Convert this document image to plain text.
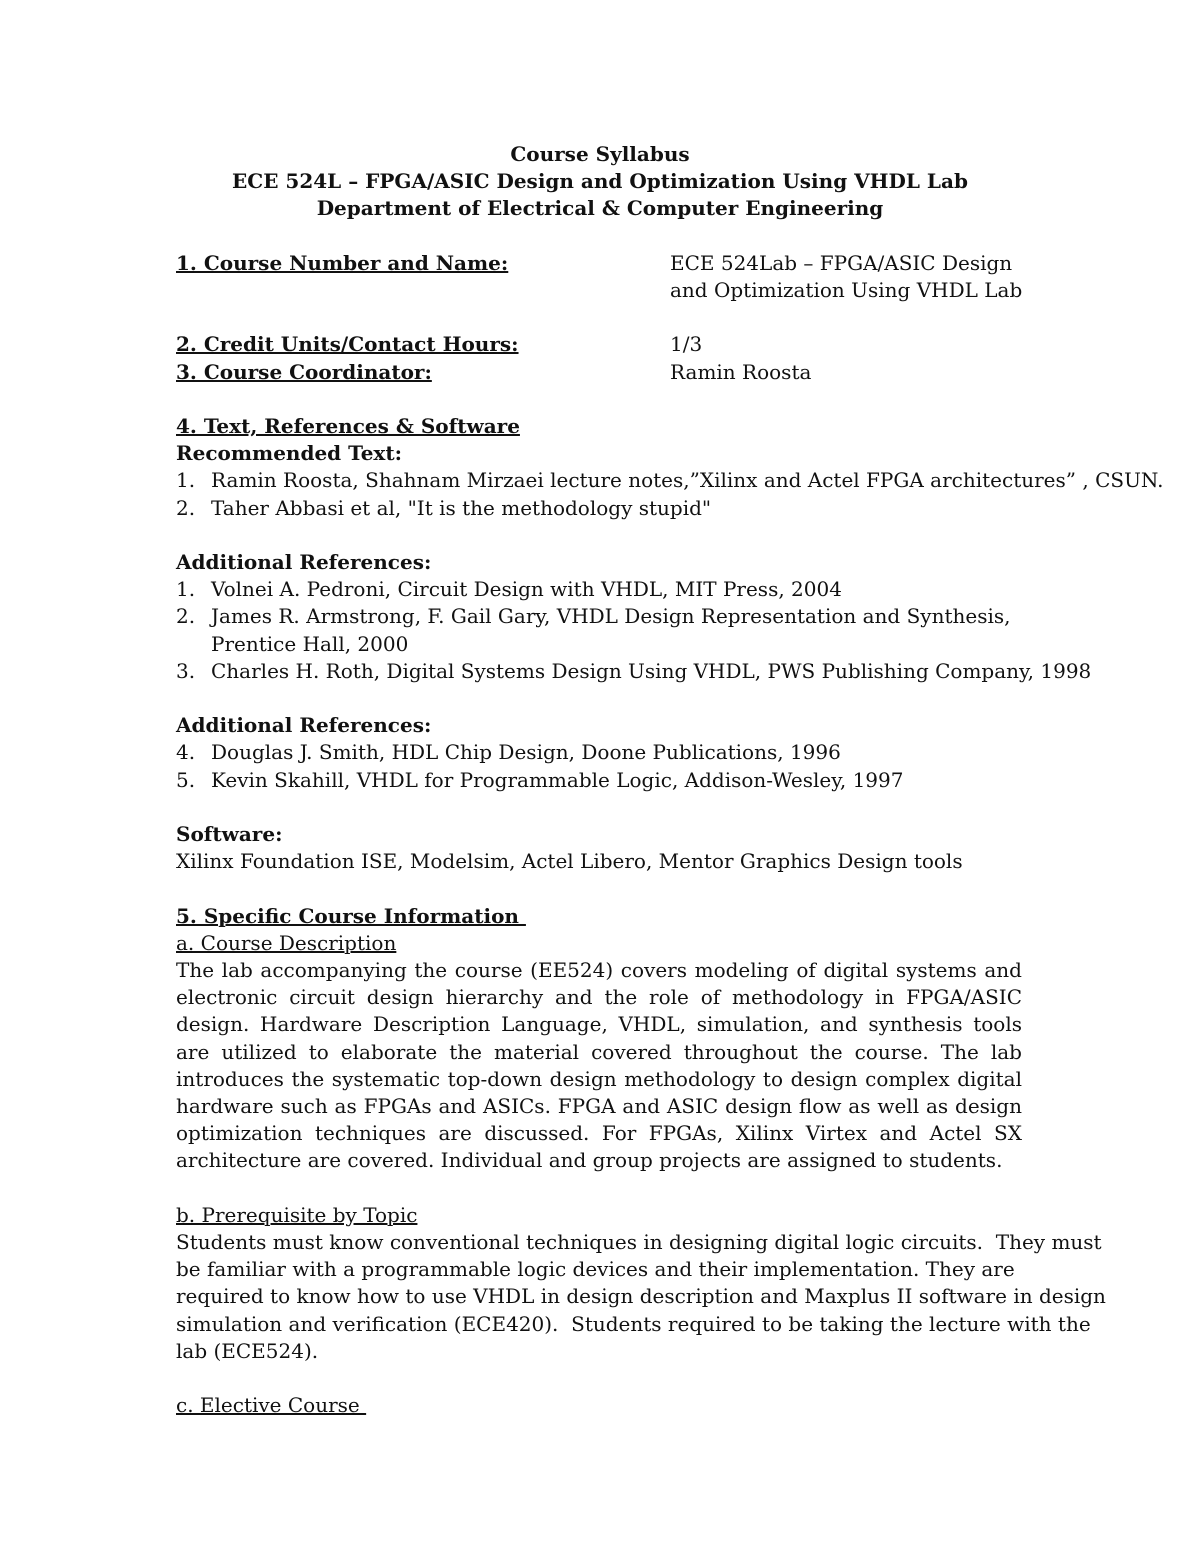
Course Syllabus
ECE 524L – FPGA/ASIC Design and Optimization Using VHDL Lab
Department of Electrical & Computer Engineering
1. Course Number and Name:	ECE 524Lab – FPGA/ASIC Design
and Optimization Using VHDL Lab
2. Credit Units/Contact Hours:	1/3
3. Course Coordinator:	Ramin Roosta
4. Text, References & Software
Recommended Text:
1. Ramin Roosta, Shahnam Mirzaei lecture notes,”Xilinx and Actel FPGA architectures” , CSUN.
2. Taher Abbasi et al, "It is the methodology stupid"
Additional References:
1. Volnei A. Pedroni, Circuit Design with VHDL, MIT Press, 2004
2. James R. Armstrong, F. Gail Gary, VHDL Design Representation and Synthesis,
Prentice Hall, 2000
3. Charles H. Roth, Digital Systems Design Using VHDL, PWS Publishing Company, 1998
Additional References:
4. Douglas J. Smith, HDL Chip Design, Doone Publications, 1996
5. Kevin Skahill, VHDL for Programmable Logic, Addison-Wesley, 1997
Software:
Xilinx Foundation ISE, Modelsim, Actel Libero, Mentor Graphics Design tools
5. Specific Course Information
a. Course Description
The lab accompanying the course (EE524) covers modeling of digital systems and electronic circuit design hierarchy and the role of methodology in FPGA/ASIC design. Hardware Description Language, VHDL, simulation, and synthesis tools are utilized to elaborate the material covered throughout the course. The lab introduces the systematic top-down design methodology to design complex digital hardware such as FPGAs and ASICs. FPGA and ASIC design flow as well as design optimization techniques are discussed. For FPGAs, Xilinx Virtex and Actel SX architecture are covered. Individual and group projects are assigned to students.
b. Prerequisite by Topic
Students must know conventional techniques in designing digital logic circuits.  They must be familiar with a programmable logic devices and their implementation. They are required to know how to use VHDL in design description and Maxplus II software in design simulation and verification (ECE420).  Students required to be taking the lecture with the lab (ECE524).
c. Elective Course
